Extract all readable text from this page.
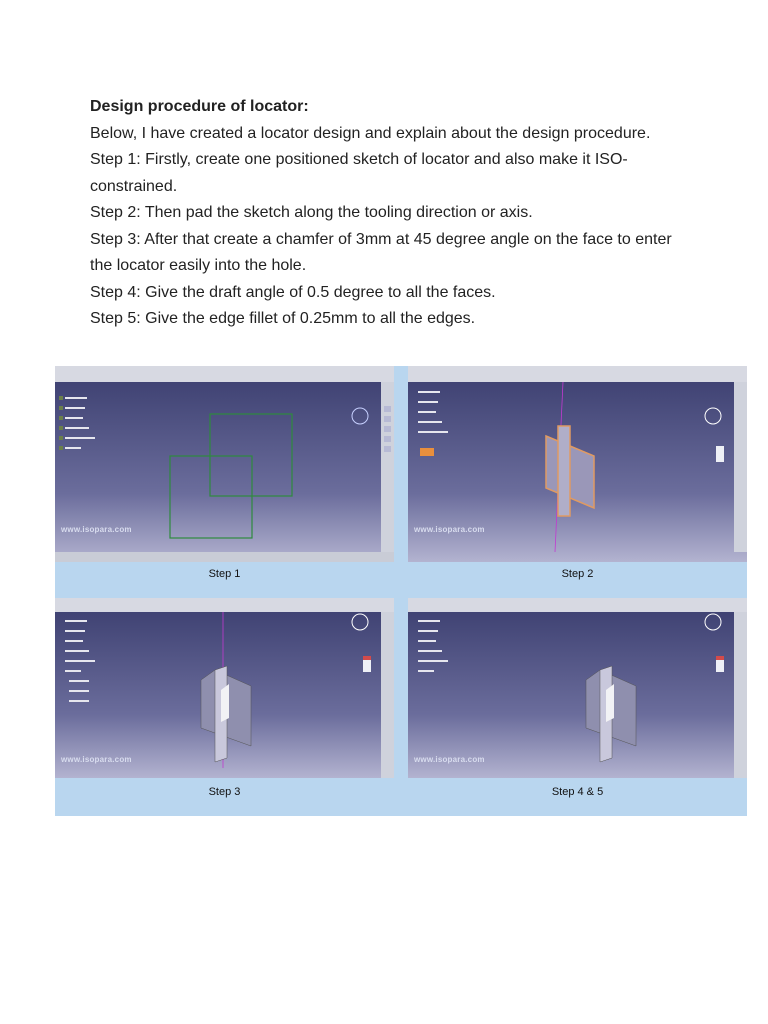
Design procedure of locator:

Below, I have created a locator design and explain about the design procedure.

Step 1: Firstly, create one positioned sketch of locator and also make it ISO-constrained.

Step 2: Then pad the sketch along the tooling direction or axis.

Step 3: After that create a chamfer of 3mm at 45 degree angle on the face to enter the locator easily into the hole.

Step 4: Give the draft angle of 0.5 degree to all the faces.

Step 5: Give the edge fillet of 0.25mm to all the edges.

www.isopara.com
Step 1
www.isopara.com
Step 2
www.isopara.com
Step 3
www.isopara.com
Step 4 & 5
